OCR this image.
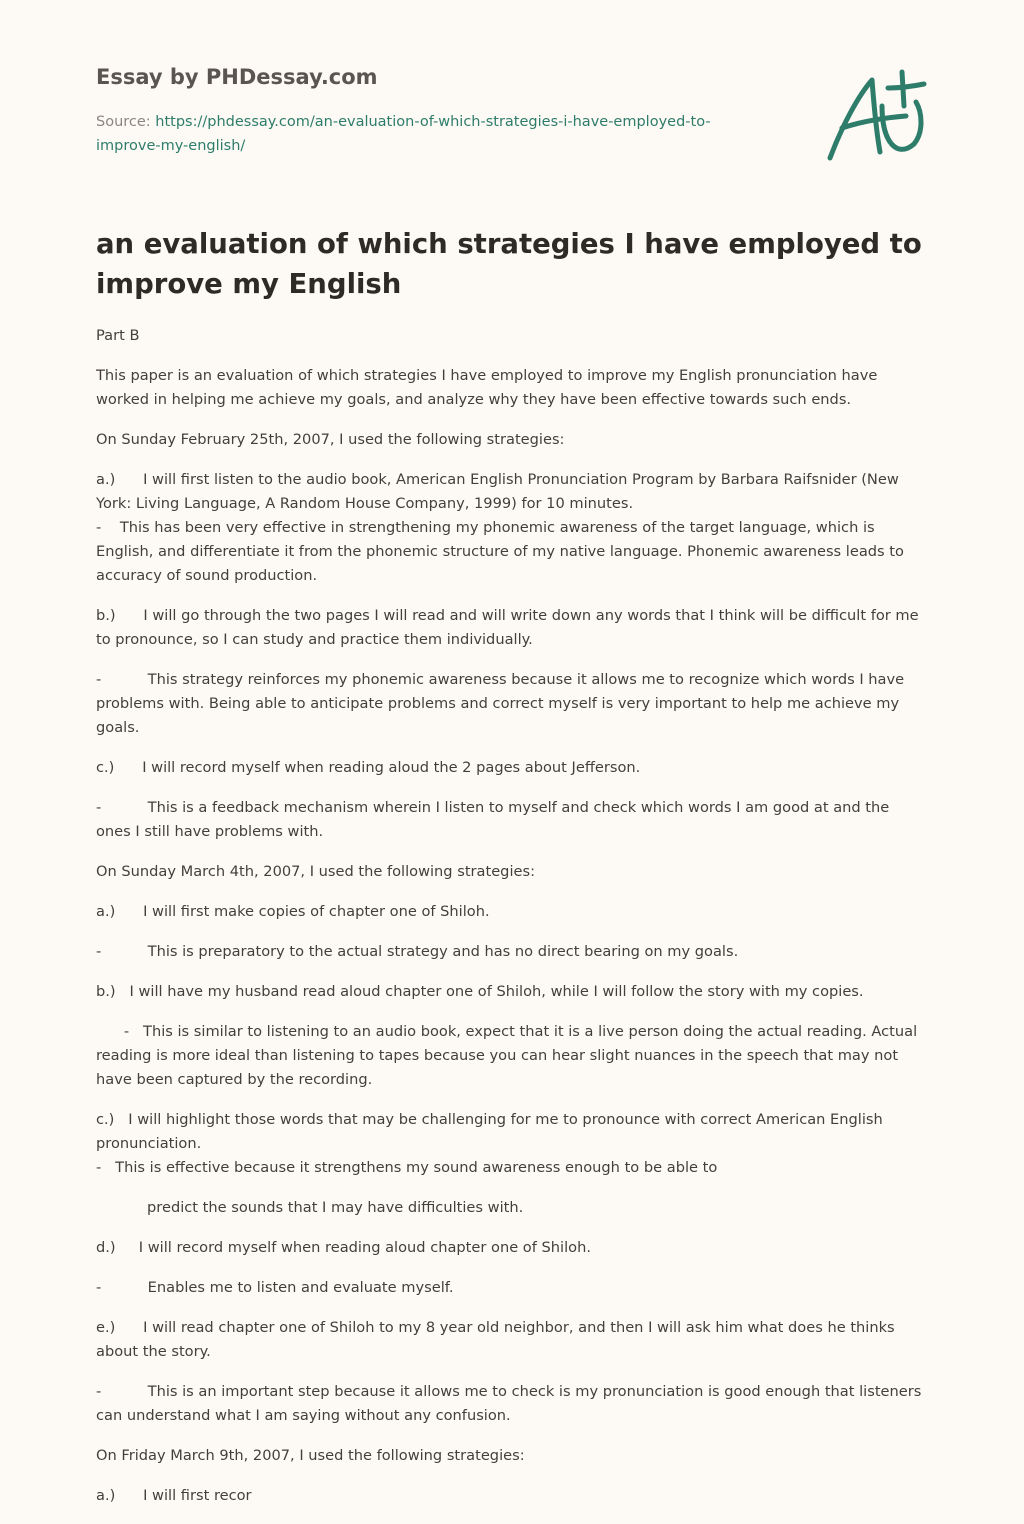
Essay by PHDessay.com
Source: https://phdessay.com/an-evaluation-of-which-strategies-i-have-employed-to-improve-my-english/
an evaluation of which strategies I have employed to improve my English

Part B

This paper is an evaluation of which strategies I have employed to improve my English pronunciation have worked in helping me achieve my goals, and analyze why they have been effective towards such ends.

On Sunday February 25th, 2007, I used the following strategies:

a.)      I will first listen to the audio book, American English Pronunciation Program by Barbara Raifsnider (New York: Living Language, A Random House Company, 1999) for 10 minutes.
-    This has been very effective in strengthening my phonemic awareness of the target language, which is English, and differentiate it from the phonemic structure of my native language. Phonemic awareness leads to accuracy of sound production.

b.)      I will go through the two pages I will read and will write down any words that I think will be difficult for me to pronounce, so I can study and practice them individually.

-          This strategy reinforces my phonemic awareness because it allows me to recognize which words I have problems with. Being able to anticipate problems and correct myself is very important to help me achieve my goals.

c.)      I will record myself when reading aloud the 2 pages about Jefferson.

-          This is a feedback mechanism wherein I listen to myself and check which words I am good at and the ones I still have problems with.

On Sunday March 4th, 2007, I used the following strategies:

a.)      I will first make copies of chapter one of Shiloh.

-          This is preparatory to the actual strategy and has no direct bearing on my goals.

b.)   I will have my husband read aloud chapter one of Shiloh, while I will follow the story with my copies.

-   This is similar to listening to an audio book, expect that it is a live person doing the actual reading. Actual reading is more ideal than listening to tapes because you can hear slight nuances in the speech that may not have been captured by the recording.

c.)   I will highlight those words that may be challenging for me to pronounce with correct American English pronunciation.
-   This is effective because it strengthens my sound awareness enough to be able to

predict the sounds that I may have difficulties with.

d.)     I will record myself when reading aloud chapter one of Shiloh.

-          Enables me to listen and evaluate myself.

e.)      I will read chapter one of Shiloh to my 8 year old neighbor, and then I will ask him what does he thinks about the story.

-          This is an important step because it allows me to check is my pronunciation is good enough that listeners can understand what I am saying without any confusion.

On Friday March 9th, 2007, I used the following strategies:

a.)      I will first recor
